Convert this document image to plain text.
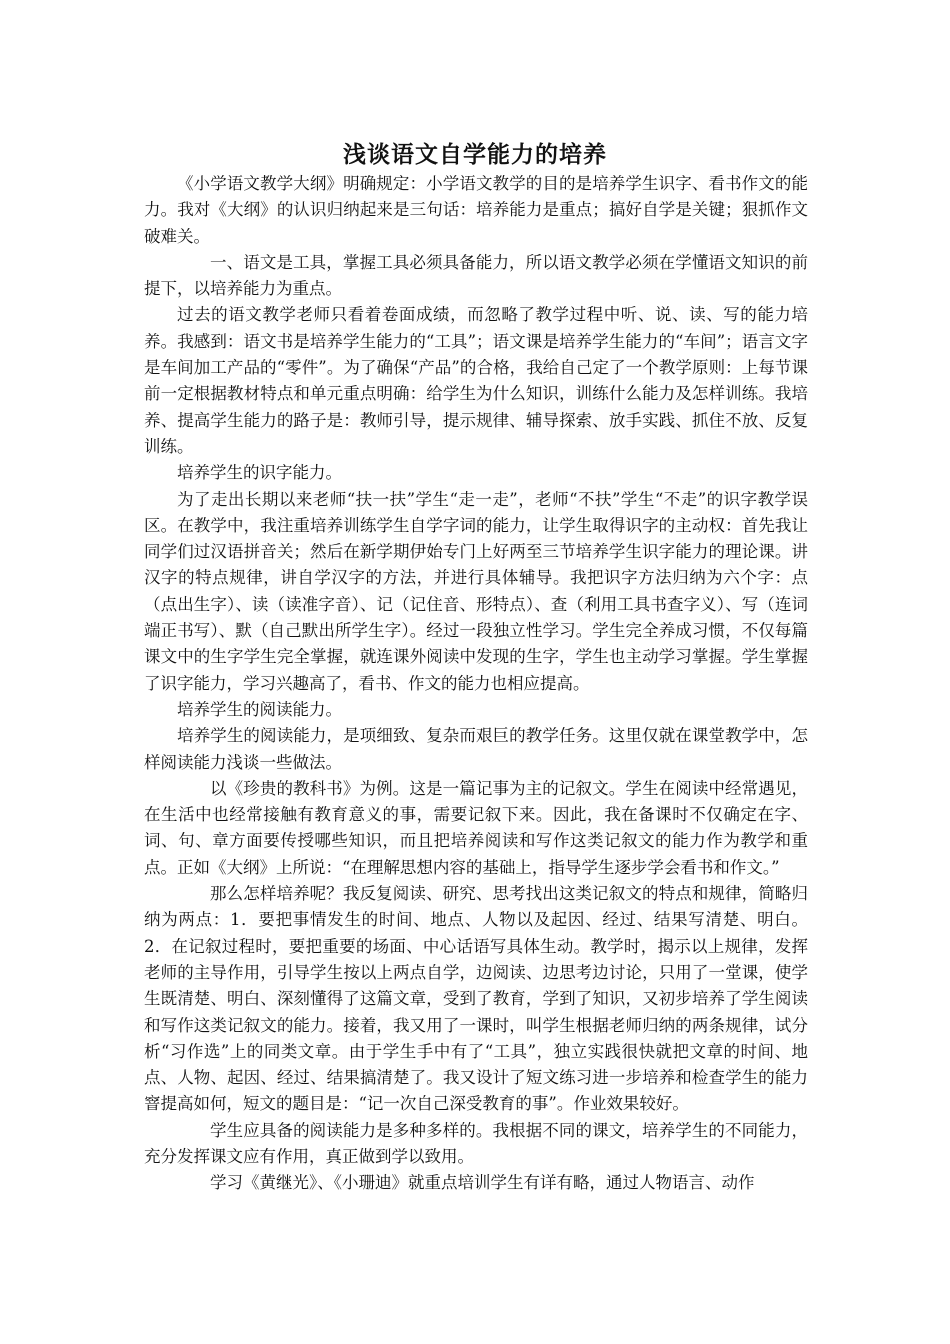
浅谈语文自学能力的培养

《小学语文教学大纲》明确规定：小学语文教学的目的是培养学生识字、看书作文的能力。我对《大纲》的认识归纳起来是三句话：培养能力是重点；搞好自学是关键；狠抓作文破难关。

一、语文是工具，掌握工具必须具备能力，所以语文教学必须在学懂语文知识的前提下，以培养能力为重点。

过去的语文教学老师只看着卷面成绩，而忽略了教学过程中听、说、读、写的能力培养。我感到：语文书是培养学生能力的“工具”；语文课是培养学生能力的“车间”；语言文字是车间加工产品的“零件”。为了确保“产品”的合格，我给自己定了一个教学原则：上每节课前一定根据教材特点和单元重点明确：给学生为什么知识，训练什么能力及怎样训练。我培养、提高学生能力的路子是：教师引导，提示规律、辅导探索、放手实践、抓住不放、反复训练。

培养学生的识字能力。

为了走出长期以来老师“扶一扶”学生“走一走”，老师“不扶”学生“不走”的识字教学误区。在教学中，我注重培养训练学生自学字词的能力，让学生取得识字的主动权：首先我让同学们过汉语拼音关；然后在新学期伊始专门上好两至三节培养学生识字能力的理论课。讲汉字的特点规律，讲自学汉字的方法，并进行具体辅导。我把识字方法归纳为六个字：点（点出生字）、读（读准字音）、记（记住音、形特点）、查（利用工具书查字义）、写（连词端正书写）、默（自己默出所学生字）。经过一段独立性学习。学生完全养成习惯，不仅每篇课文中的生字学生完全掌握，就连课外阅读中发现的生字，学生也主动学习掌握。学生掌握了识字能力，学习兴趣高了，看书、作文的能力也相应提高。

培养学生的阅读能力。

培养学生的阅读能力，是项细致、复杂而艰巨的教学任务。这里仅就在课堂教学中，怎样阅读能力浅谈一些做法。

以《珍贵的教科书》为例。这是一篇记事为主的记叙文。学生在阅读中经常遇见，在生活中也经常接触有教育意义的事，需要记叙下来。因此，我在备课时不仅确定在字、词、句、章方面要传授哪些知识，而且把培养阅读和写作这类记叙文的能力作为教学和重点。正如《大纲》上所说：“在理解思想内容的基础上，指导学生逐步学会看书和作文。”

那么怎样培养呢？我反复阅读、研究、思考找出这类记叙文的特点和规律，简略归纳为两点：1．要把事情发生的时间、地点、人物以及起因、经过、结果写清楚、明白。2．在记叙过程时，要把重要的场面、中心话语写具体生动。教学时，揭示以上规律，发挥老师的主导作用，引导学生按以上两点自学，边阅读、边思考边讨论，只用了一堂课，使学生既清楚、明白、深刻懂得了这篇文章，受到了教育，学到了知识，又初步培养了学生阅读和写作这类记叙文的能力。接着，我又用了一课时，叫学生根据老师归纳的两条规律，试分析“习作选”上的同类文章。由于学生手中有了“工具”，独立实践很快就把文章的时间、地点、人物、起因、经过、结果搞清楚了。我又设计了短文练习进一步培养和检查学生的能力窨提高如何，短文的题目是：“记一次自己深受教育的事”。作业效果较好。

学生应具备的阅读能力是多种多样的。我根据不同的课文，培养学生的不同能力，充分发挥课文应有作用，真正做到学以致用。

学习《黄继光》、《小珊迪》就重点培训学生有详有略，通过人物语言、动作
